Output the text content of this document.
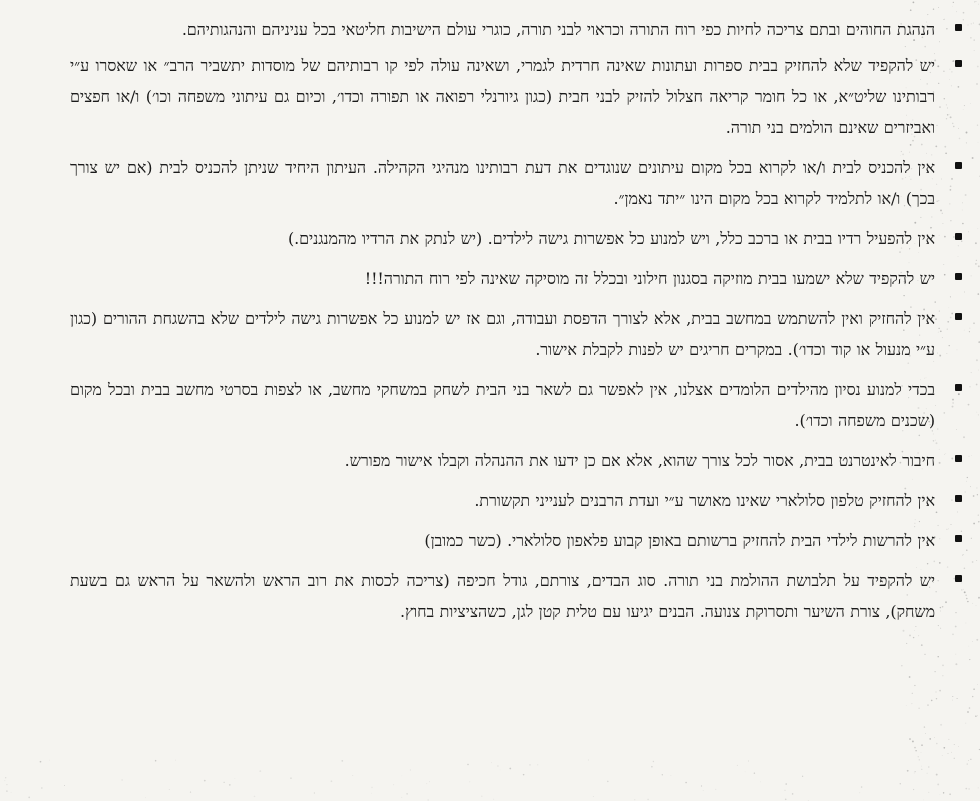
הנהגת החוהים ובתם צריכה לחיות כפי רוח התורה וכראוי לבני תורה, כוגרי עולם הישיבות חליטאי בכל עניניהם והנהגותיהם.
יש להקפיד שלא להחזיק בבית ספרות ועתונות שאינה חרדית לגמרי, ושאינה עולה לפי קו רבותיהם של מוסדות יתשביר הרב״ או שאסרו ע״י רבותינו שליט״א, או כל חומר קריאה חצלול להזיק לבני חבית (כגון גיורנלי רפואה או תפורה וכדו׳, וכיום גם עיתוני משפחה וכו׳) ו/או חפצים ואביזרים שאינם הולמים בני תורה.
אין להכניס לבית ו/או לקרוא בכל מקום עיתונים שנוגדים את דעת רבותינו מנהיגי הקהילה. העיתון היחיד שניתן להכניס לבית (אם יש צורך בכך) ו/או לתלמיד לקרוא בכל מקום הינו ״יתד נאמן״.
אין להפעיל רדיו בבית או ברכב כלל, ויש למנוע כל אפשרות גישה לילדים. (יש לנתק את הרדיו מהמנגנים.)
יש להקפיד שלא ישמעו בבית מוזיקה בסגנון חילוני ובכלל זה מוסיקה שאינה לפי רוח התורה!!!
אין להחזיק ואין להשתמש במחשב בבית, אלא לצורך הדפסת ועבודה, וגם אז יש למנוע כל אפשרות גישה לילדים שלא בהשגחת ההורים (כגון ע״י מנעול או קוד וכדו׳). במקרים חריגים יש לפנות לקבלת אישור.
בכדי למנוע נסיון מהילדים הלומדים אצלנו, אין לאפשר גם לשאר בני הבית לשחק במשחקי מחשב, או לצפות בסרטי מחשב בבית ובכל מקום (שכנים משפחה וכדו׳).
חיבור לאינטרנט בבית, אסור לכל צורך שהוא, אלא אם כן ידעו את ההנהלה וקבלו אישור מפורש.
אין להחזיק טלפון סלולארי שאינו מאושר ע״י ועדת הרבנים לענייני תקשורת.
אין להרשות לילדי הבית להחזיק ברשותם באופן קבוע פלאפון סלולארי. (כשר כמובן)
יש להקפיד על תלבושת ההולמת בני תורה. סוג הבדים, צורתם, גודל חכיפה (צריכה לכסות את רוב הראש ולהשאר על הראש גם בשעת משחק), צורת השיער ותסרוקת צנועה. הבנים יגיעו עם טלית קטן לגן, כשהציציות בחוץ.
